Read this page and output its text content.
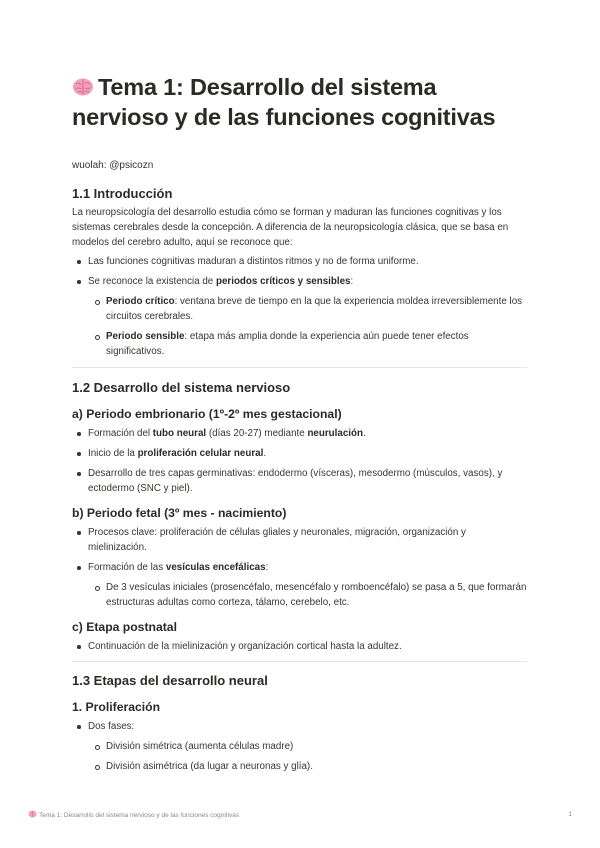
Tema 1: Desarrollo del sistema nervioso y de las funciones cognitivas
wuolah: @psicozn
1.1 Introducción

La neuropsicología del desarrollo estudia cómo se forman y maduran las funciones cognitivas y los sistemas cerebrales desde la concepción. A diferencia de la neuropsicología clásica, que se basa en modelos del cerebro adulto, aquí se reconoce que:

Las funciones cognitivas maduran a distintos ritmos y no de forma uniforme.
Se reconoce la existencia de periodos críticos y sensibles:
Periodo crítico: ventana breve de tiempo en la que la experiencia moldea irreversiblemente los circuitos cerebrales.
Periodo sensible: etapa más amplia donde la experiencia aún puede tener efectos significativos.
1.2 Desarrollo del sistema nervioso
a) Periodo embrionario (1º-2º mes gestacional)
Formación del tubo neural (días 20-27) mediante neurulación.
Inicio de la proliferación celular neural.
Desarrollo de tres capas germinativas: endodermo (vísceras), mesodermo (músculos, vasos), y ectodermo (SNC y piel).
b) Periodo fetal (3º mes - nacimiento)
Procesos clave: proliferación de células gliales y neuronales, migración, organización y mielinización.
Formación de las vesículas encefálicas:
De 3 vesículas iniciales (prosencéfalo, mesencéfalo y romboencéfalo) se pasa a 5, que formarán estructuras adultas como corteza, tálamo, cerebelo, etc.
c) Etapa postnatal
Continuación de la mielinización y organización cortical hasta la adultez.
1.3 Etapas del desarrollo neural
1. Proliferación
Dos fases:
División simétrica (aumenta células madre)
División asimétrica (da lugar a neuronas y glía).
Tema 1: Desarrollo del sistema nervioso y de las funciones cognitivas	1
